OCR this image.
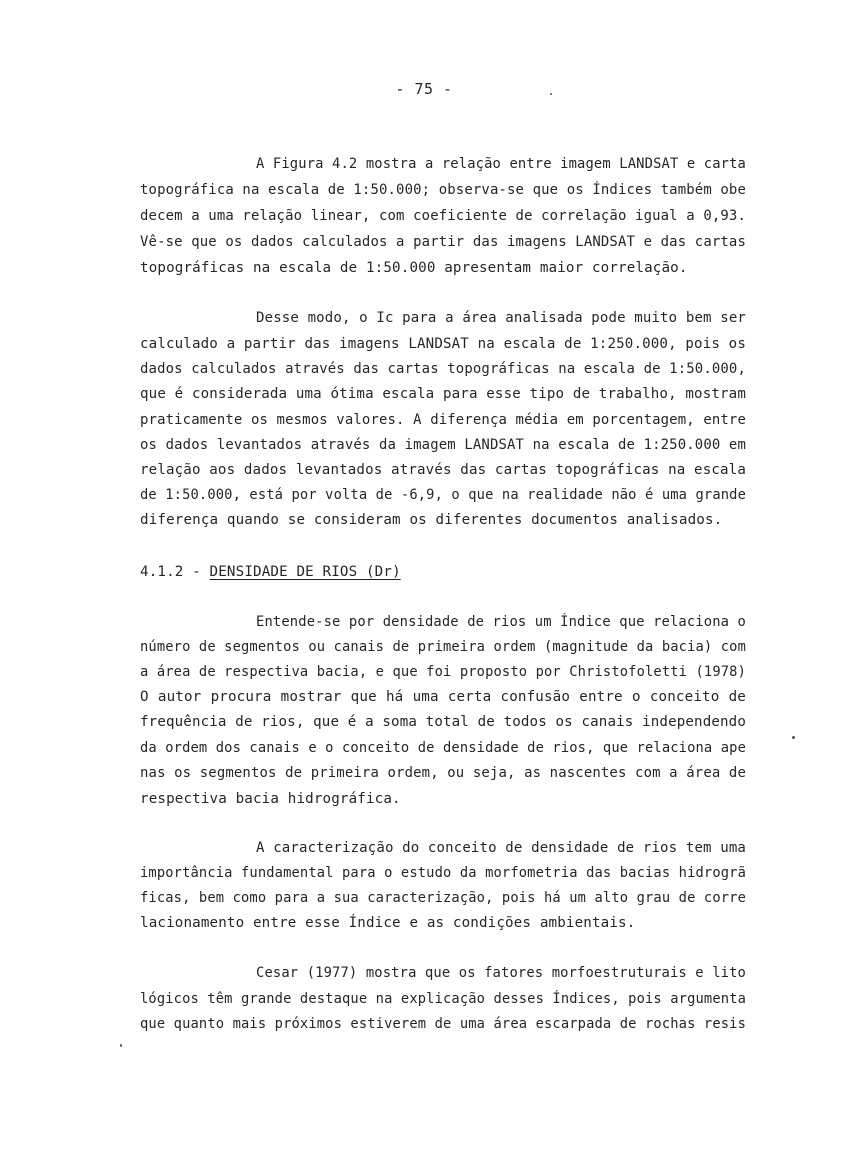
- 75 -
A Figura 4.2 mostra a relação entre imagem LANDSAT e carta
topográfica na escala de 1:50.000; observa-se que os Índices também obe
decem a uma relação linear, com coeficiente de correlação igual a 0,93.
Vê-se que os dados calculados a partir das imagens LANDSAT e das cartas
topográficas na escala de 1:50.000 apresentam maior correlação.
Desse modo, o Ic para a área analisada pode muito bem ser
calculado a partir das imagens LANDSAT na escala de 1:250.000, pois os
dados calculados através das cartas topográficas na escala de 1:50.000,
que é considerada uma ótima escala para esse tipo de trabalho, mostram
praticamente os mesmos valores. A diferença média em porcentagem, entre
os dados levantados através da imagem LANDSAT na escala de 1:250.000 em
relação aos dados levantados através das cartas topográficas na escala
de 1:50.000, está por volta de -6,9, o que na realidade não é uma grande
diferença quando se consideram os diferentes documentos analisados.
4.1.2 - DENSIDADE DE RIOS (Dr)
Entende-se por densidade de rios um Índice que relaciona o
número de segmentos ou canais de primeira ordem (magnitude da bacia) com
a área de respectiva bacia, e que foi proposto por Christofoletti (1978)
O autor procura mostrar que há uma certa confusão entre o conceito de
frequência de rios, que é a soma total de todos os canais independendo
da ordem dos canais e o conceito de densidade de rios, que relaciona ape
nas os segmentos de primeira ordem, ou seja, as nascentes com a área de
respectiva bacia hidrográfica.
A caracterização do conceito de densidade de rios tem uma
importância fundamental para o estudo da morfometria das bacias hidrogrã
ficas, bem como para a sua caracterização, pois há um alto grau de corre
lacionamento entre esse Índice e as condições ambientais.
Cesar (1977) mostra que os fatores morfoestruturais e lito
lógicos têm grande destaque na explicação desses Índices, pois argumenta
que quanto mais próximos estiverem de uma área escarpada de rochas resis
